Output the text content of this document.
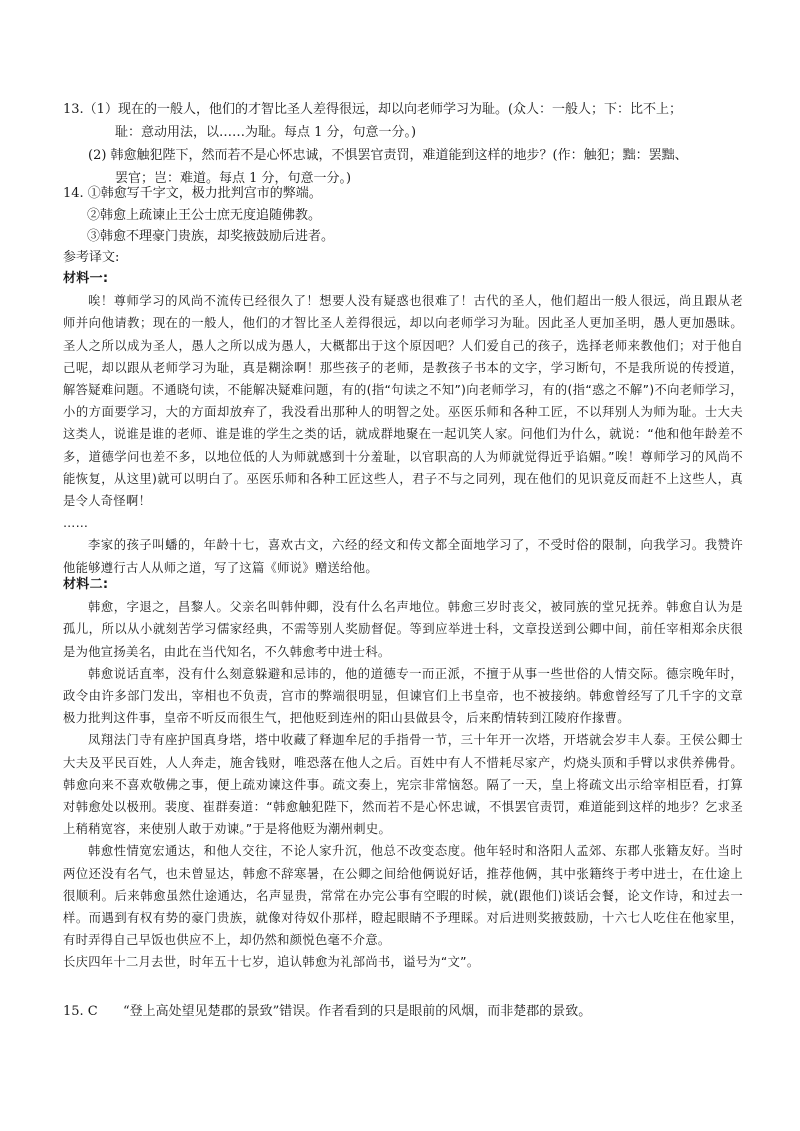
13.（1）现在的一般人，他们的才智比圣人差得很远，却以向老师学习为耻。(众人：一般人；下：比不上；
耻：意动用法，以……为耻。每点 1 分，句意一分。)
(2) 韩愈触犯陛下，然而若不是心怀忠诚，不惧罢官责罚，难道能到这样的地步？(作：触犯；黜：罢黜、
罢官；岂：难道。每点 1 分，句意一分。)
14. ①韩愈写千字文，极力批判宫市的弊端。
②韩愈上疏谏止王公士庶无度追随佛教。
③韩愈不理豪门贵族，却奖掖鼓励后进者。
参考译文:

材料一:

唉！尊师学习的风尚不流传已经很久了！想要人没有疑惑也很难了！古代的圣人，他们超出一般人很远，尚且跟从老师并向他请教；现在的一般人，他们的才智比圣人差得很远，却以向老师学习为耻。因此圣人更加圣明，愚人更加愚昧。圣人之所以成为圣人，愚人之所以成为愚人，大概都出于这个原因吧？人们爱自己的孩子，选择老师来教他们；对于他自己呢，却以跟从老师学习为耻，真是糊涂啊！那些孩子的老师，是教孩子书本的文字，学习断句，不是我所说的传授道，解答疑难问题。不通晓句读，不能解决疑难问题，有的(指“句读之不知”)向老师学习，有的(指“惑之不解”)不向老师学习，小的方面要学习，大的方面却放弃了，我没看出那种人的明智之处。巫医乐师和各种工匠，不以拜别人为师为耻。士大夫这类人，说谁是谁的老师、谁是谁的学生之类的话，就成群地聚在一起讥笑人家。问他们为什么，就说：“他和他年龄差不多，道德学问也差不多，以地位低的人为师就感到十分羞耻，以官职高的人为师就觉得近乎谄媚。”唉！尊师学习的风尚不能恢复，从这里)就可以明白了。巫医乐师和各种工匠这些人，君子不与之同列，现在他们的见识竟反而赶不上这些人，真是令人奇怪啊！

……

李家的孩子叫蟠的，年龄十七，喜欢古文，六经的经文和传文都全面地学习了，不受时俗的限制，向我学习。我赞许他能够遵行古人从师之道，写了这篇《师说》赠送给他。

材料二:

韩愈，字退之，昌黎人。父亲名叫韩仲卿，没有什么名声地位。韩愈三岁时丧父，被同族的堂兄抚养。韩愈自认为是孤儿，所以从小就刻苦学习儒家经典，不需等别人奖励督促。等到应举进士科，文章投送到公卿中间，前任宰相郑余庆很是为他宣扬美名，由此在当代知名，不久韩愈考中进士科。

韩愈说话直率，没有什么刻意躲避和忌讳的，他的道德专一而正派，不擅于从事一些世俗的人情交际。德宗晚年时，政令由许多部门发出，宰相也不负责，宫市的弊端很明显，但谏官们上书皇帝，也不被接纳。韩愈曾经写了几千字的文章极力批判这件事，皇帝不听反而很生气，把他贬到连州的阳山县做县令，后来酌情转到江陵府作掾曹。

凤翔法门寺有座护国真身塔，塔中收藏了释迦牟尼的手指骨一节，三十年开一次塔，开塔就会岁丰人泰。王侯公卿士大夫及平民百姓，人人奔走，施舍钱财，唯恐落在他人之后。百姓中有人不惜耗尽家产，灼烧头顶和手臂以求供养佛骨。韩愈向来不喜欢敬佛之事，便上疏劝谏这件事。疏文奏上，宪宗非常恼怒。隔了一天，皇上将疏文出示给宰相臣看，打算对韩愈处以极刑。裴度、崔群奏道：“韩愈触犯陛下，然而若不是心怀忠诚，不惧罢官责罚，难道能到这样的地步？乞求圣上稍稍宽容，来使别人敢于劝谏。”于是将他贬为潮州刺史。

韩愈性情宽宏通达，和他人交往，不论人家升沉，他总不改变态度。他年轻时和洛阳人孟郊、东郡人张籍友好。当时两位还没有名气，也未曾显达，韩愈不辞寒暑，在公卿之间给他俩说好话，推荐他俩，其中张籍终于考中进士，在仕途上很顺利。后来韩愈虽然仕途通达，名声显贵，常常在办完公事有空暇的时候，就(跟他们)谈话会餐，论文作诗，和过去一样。而遇到有权有势的豪门贵族，就像对待奴仆那样，瞪起眼睛不予理睬。对后进则奖掖鼓励，十六七人吃住在他家里，有时弄得自己早饭也供应不上，却仍然和颜悦色毫不介意。

长庆四年十二月去世，时年五十七岁，追认韩愈为礼部尚书，谥号为“文”。

15. C “登上高处望见楚郡的景致”错误。作者看到的只是眼前的风烟，而非楚郡的景致。
